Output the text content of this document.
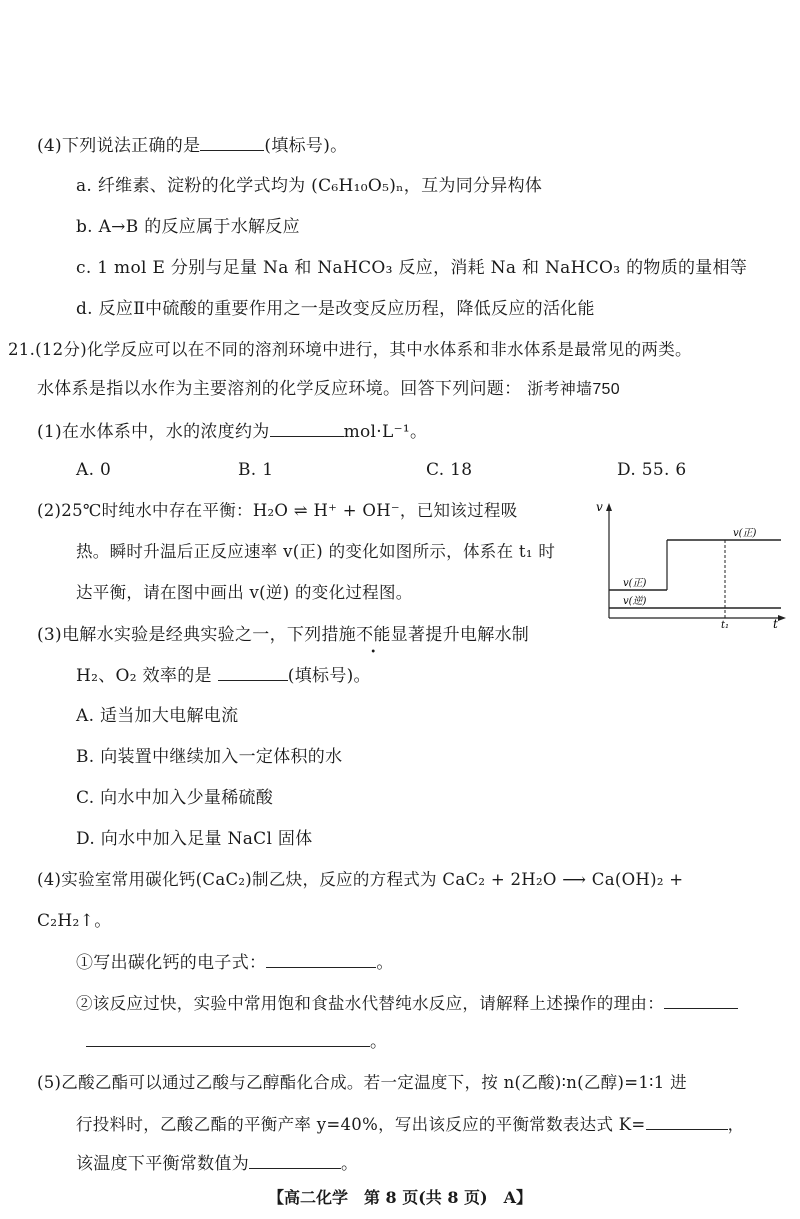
(4)下列说法正确的是	(填标号)。
a. 纤维素、淀粉的化学式均为 (C₆H₁₀O₅)ₙ，互为同分异构体
b. A→B 的反应属于水解反应
c. 1 mol E 分别与足量 Na 和 NaHCO₃ 反应，消耗 Na 和 NaHCO₃ 的物质的量相等
d. 反应Ⅱ中硫酸的重要作用之一是改变反应历程，降低反应的活化能
21.(12分)化学反应可以在不同的溶剂环境中进行，其中水体系和非水体系是最常见的两类。
水体系是指以水作为主要溶剂的化学反应环境。回答下列问题： 浙考神墙750
(1)在水体系中，水的浓度约为	mol·L⁻¹。
A. 0	B. 1	C. 18	D. 55. 6
(2)25℃时纯水中存在平衡：H₂O ⇌ H⁺ + OH⁻，已知该过程吸
热。瞬时升温后正反应速率 v(正) 的变化如图所示，体系在 t₁ 时
达平衡，请在图中画出 v(逆) 的变化过程图。
v
t
v(正)
v(逆)
v(正)
t₁
(3)电解水实验是经典实验之一，下列措施不能显著提升电解水制
H₂、O₂ 效率的是	(填标号)。
A. 适当加大电解电流
B. 向装置中继续加入一定体积的水
C. 向水中加入少量稀硫酸
D. 向水中加入足量 NaCl 固体
(4)实验室常用碳化钙(CaC₂)制乙炔，反应的方程式为 CaC₂ + 2H₂O ⟶ Ca(OH)₂ +
C₂H₂↑。
①写出碳化钙的电子式：	。
②该反应过快，实验中常用饱和食盐水代替纯水反应，请解释上述操作的理由：
。
(5)乙酸乙酯可以通过乙酸与乙醇酯化合成。若一定温度下，按 n(乙酸)∶n(乙醇)=1∶1 进
行投料时，乙酸乙酯的平衡产率 y=40%，写出该反应的平衡常数表达式 K=	，
该温度下平衡常数值为	。
【高二化学　第 8 页(共 8 页)　A】
